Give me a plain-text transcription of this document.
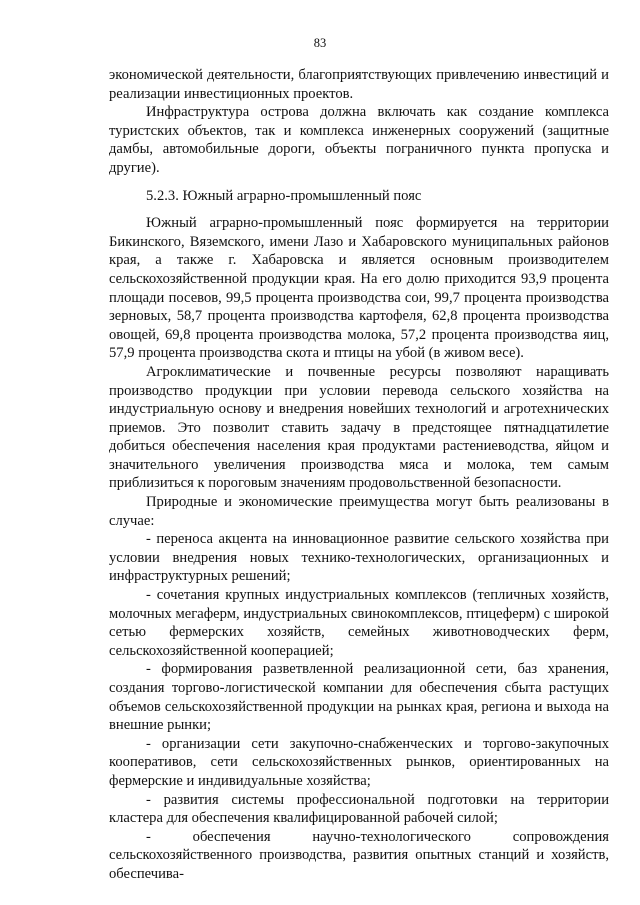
83

экономической деятельности, благоприятствующих привлечению инвестиций и реализации инвестиционных проектов.

Инфраструктура острова должна включать как создание комплекса туристских объектов, так и комплекса инженерных сооружений (защитные дамбы, автомобильные дороги, объекты пограничного пункта пропуска и другие).

5.2.3. Южный аграрно-промышленный пояс

Южный аграрно-промышленный пояс формируется на территории Бикинского, Вяземского, имени Лазо и Хабаровского муниципальных районов края, а также г. Хабаровска и является основным производителем сельскохозяйственной продукции края. На его долю приходится 93,9 процента площади посевов, 99,5 процента производства сои, 99,7 процента производства зерновых, 58,7 процента производства картофеля, 62,8 процента производства овощей, 69,8 процента производства молока, 57,2 процента производства яиц, 57,9 процента производства скота и птицы на убой (в живом весе).

Агроклиматические и почвенные ресурсы позволяют наращивать производство продукции при условии перевода сельского хозяйства на индустриальную основу и внедрения новейших технологий и агротехнических приемов. Это позволит ставить задачу в предстоящее пятнадцатилетие добиться обеспечения населения края продуктами растениеводства, яйцом и значительного увеличения производства мяса и молока, тем самым приблизиться к пороговым значениям продовольственной безопасности.

Природные и экономические преимущества могут быть реализованы в случае:

- переноса акцента на инновационное развитие сельского хозяйства при условии внедрения новых технико-технологических, организационных и инфраструктурных решений;

- сочетания крупных индустриальных комплексов (тепличных хозяйств, молочных мегаферм, индустриальных свинокомплексов, птицеферм) с широкой сетью фермерских хозяйств, семейных животноводческих ферм, сельскохозяйственной кооперацией;

- формирования разветвленной реализационной сети, баз хранения, создания торгово-логистической компании для обеспечения сбыта растущих объемов сельскохозяйственной продукции на рынках края, региона и выхода на внешние рынки;

- организации сети закупочно-снабженческих и торгово-закупочных кооперативов, сети сельскохозяйственных рынков, ориентированных на фермерские и индивидуальные хозяйства;

- развития системы профессиональной подготовки на территории кластера для обеспечения квалифицированной рабочей силой;

- обеспечения научно-технологического сопровождения сельскохозяйственного производства, развития опытных станций и хозяйств, обеспечива-
